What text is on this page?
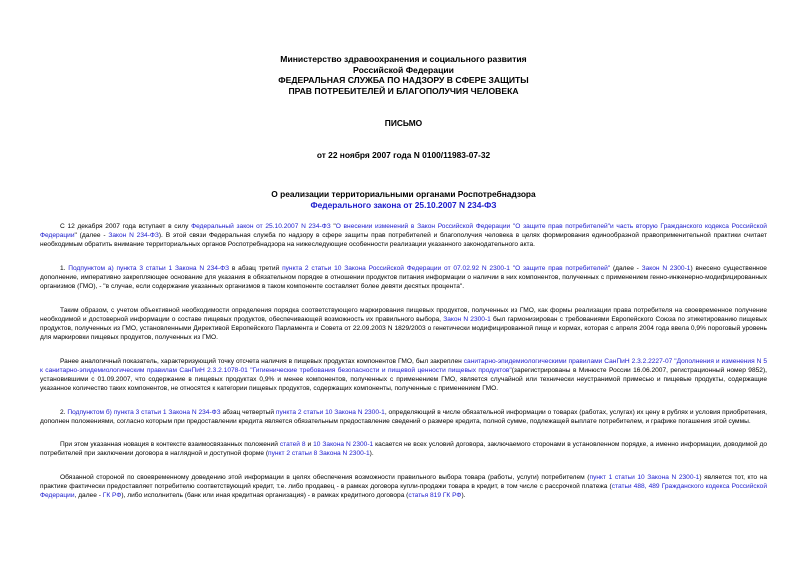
Министерство здравоохранения и социального развития
Российской Федерации
ФЕДЕРАЛЬНАЯ СЛУЖБА ПО НАДЗОРУ В СФЕРЕ ЗАЩИТЫ
ПРАВ ПОТРЕБИТЕЛЕЙ И БЛАГОПОЛУЧИЯ ЧЕЛОВЕКА
ПИСЬМО
от 22 ноября 2007 года N 0100/11983-07-32
О реализации территориальными органами Роспотребнадзора
Федерального закона от 25.10.2007 N 234-ФЗ

С 12 декабря 2007 года вступает в силу Федеральный закон от 25.10.2007 N 234-ФЗ "О внесении изменений в Закон Российской Федерации "О защите прав потребителей"и часть вторую Гражданского кодекса Российской Федерации" (далее - Закон N 234-ФЗ). В этой связи Федеральная служба по надзору в сфере защиты прав потребителей и благополучия человека в целях формирования единообразной правоприменительной практики считает необходимым обратить внимание территориальных органов Роспотребнадзора на нижеследующие особенности реализации указанного законодательного акта.

1. Подпунктом а) пункта 3 статьи 1 Закона N 234-ФЗ в абзац третий пункта 2 статьи 10 Закона Российской Федерации от 07.02.92 N 2300-1 "О защите прав потребителей" (далее - Закон N 2300-1) внесено существенное дополнение, императивно закрепляющее основание для указания в обязательном порядке в отношении продуктов питания информации о наличии в них компонентов, полученных с применением генно-инженерно-модифицированных организмов (ГМО), - "в случае, если содержание указанных организмов в таком компоненте составляет более девяти десятых процента".

Таким образом, с учетом объективной необходимости определения порядка соответствующего маркирования пищевых продуктов, полученных из ГМО, как формы реализации права потребителя на своевременное получение необходимой и достоверной информации о составе пищевых продуктов, обеспечивающей возможность их правильного выбора, Закон N 2300-1 был гармонизирован с требованиями Европейского Союза по этикетированию пищевых продуктов, полученных из ГМО, установленными Директивой Европейского Парламента и Совета от 22.09.2003 N 1829/2003 о генетически модифицированной пище и кормах, которая с апреля 2004 года ввела 0,9% пороговый уровень для маркировки пищевых продуктов, полученных из ГМО.

Ранее аналогичный показатель, характеризующий точку отсчета наличия в пищевых продуктах компонентов ГМО, был закреплен санитарно-эпидемиологическими правилами СанПиН 2.3.2.2227-07 "Дополнения и изменения N 5 к санитарно-эпидемиологическим правилам СанПиН 2.3.2.1078-01 "Гигиенические требования безопасности и пищевой ценности пищевых продуктов"(зарегистрированы в Минюсте России 16.06.2007, регистрационный номер 9852), установившими с 01.09.2007, что содержание в пищевых продуктах 0,9% и менее компонентов, полученных с применением ГМО, является случайной или технически неустранимой примесью и пищевые продукты, содержащие указанное количество таких компонентов, не относятся к категории пищевых продуктов, содержащих компоненты, полученные с применением ГМО.

2. Подпунктом б) пункта 3 статьи 1 Закона N 234-ФЗ абзац четвертый пункта 2 статьи 10 Закона N 2300-1, определяющий в числе обязательной информации о товарах (работах, услугах) их цену в рублях и условия приобретения, дополнен положениями, согласно которым при предоставлении кредита является обязательным предоставление сведений о размере кредита, полной сумме, подлежащей выплате потребителем, и графике погашения этой суммы.

При этом указанная новация в контексте взаимосвязанных положений статей 8 и 10 Закона N 2300-1 касается не всех условий договора, заключаемого сторонами в установленном порядке, а именно информации, доводимой до потребителей при заключении договора в наглядной и доступной форме (пункт 2 статьи 8 Закона N 2300-1).

Обязанной стороной по своевременному доведению этой информации в целях обеспечения возможности правильного выбора товара (работы, услуги) потребителем (пункт 1 статьи 10 Закона N 2300-1) является тот, кто на практике фактически предоставляет потребителю соответствующий кредит, т.е. либо продавец - в рамках договора купли-продажи товара в кредит, в том числе с рассрочкой платежа (статьи 488, 489 Гражданского кодекса Российской Федерации, далее - ГК РФ), либо исполнитель (банк или иная кредитная организация) - в рамках кредитного договора (статья 819 ГК РФ).
